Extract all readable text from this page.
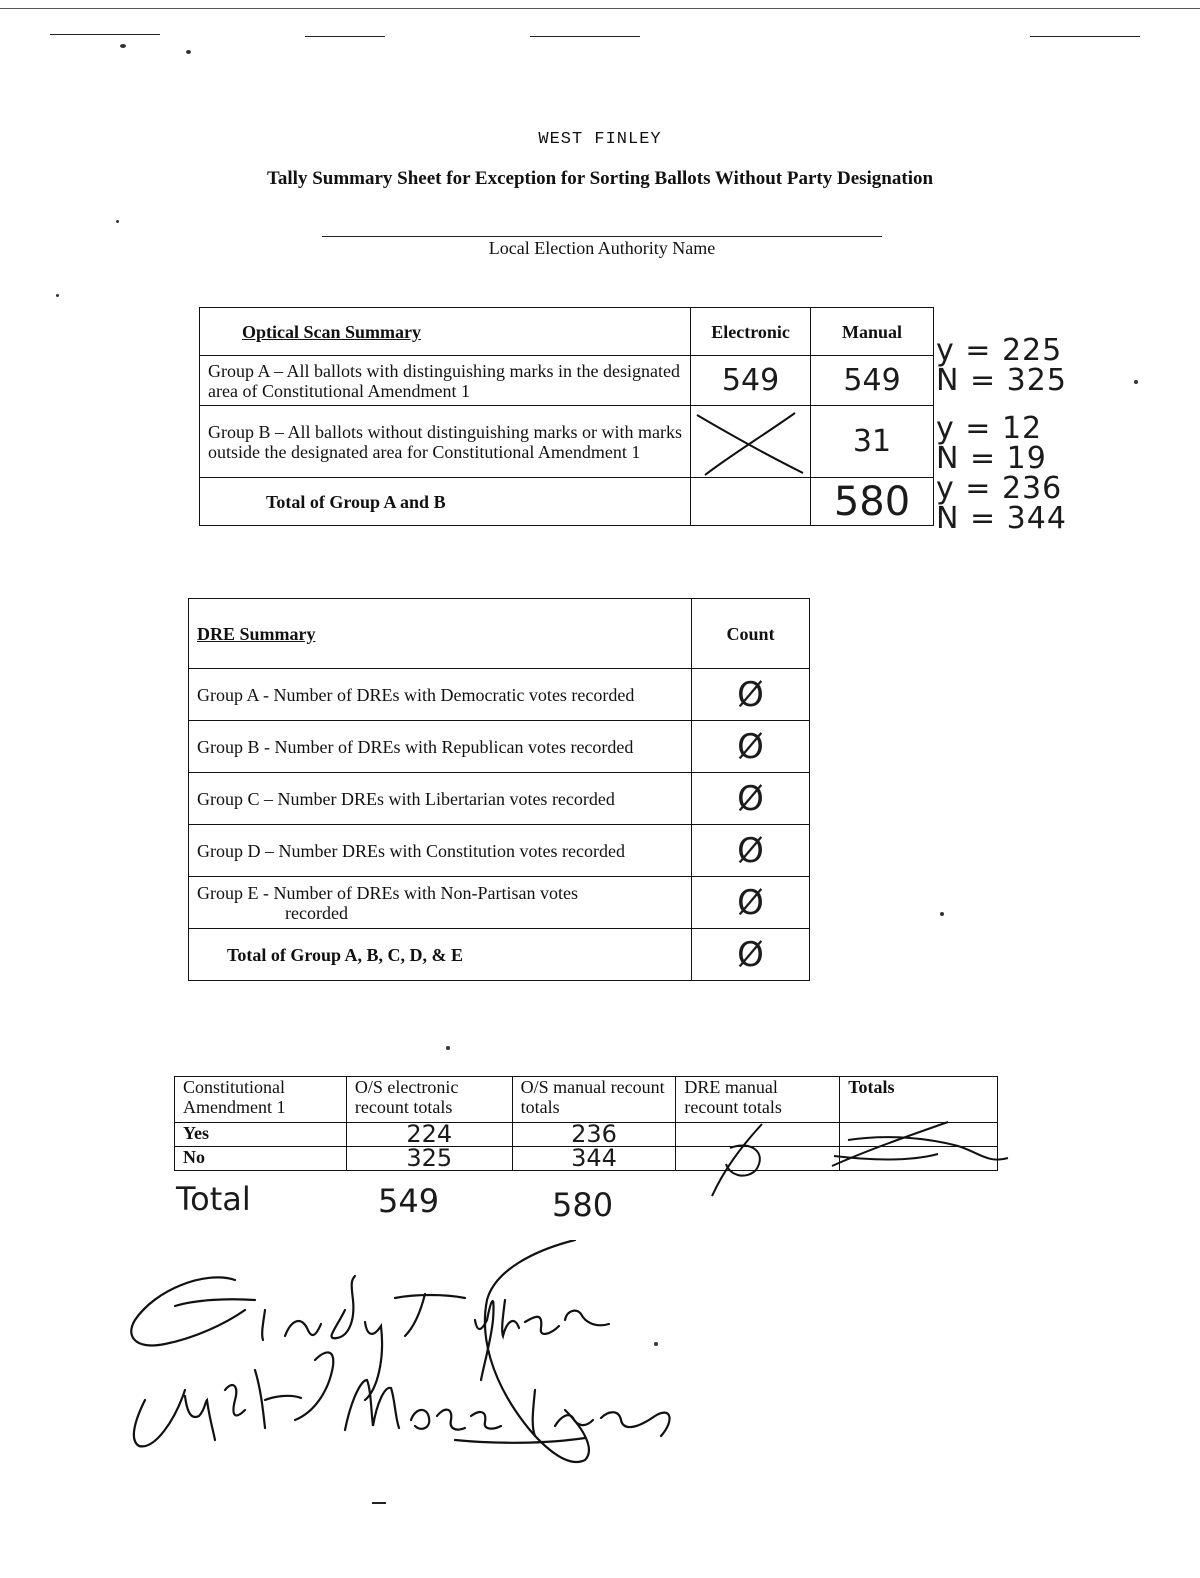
WEST FINLEY
Tally Summary Sheet for Exception for Sorting Ballots Without Party Designation
Local Election Authority Name
Optical Scan Summary	Electronic	Manual
Group A – All ballots with distinguishing marks in the designated area of Constitutional Amendment 1	549	549
Group B – All ballots without distinguishing marks or with marks outside the designated area for Constitutional Amendment 1		31
Total of Group A and B		580
y = 225
N = 325
y = 12
N = 19
y = 236
N = 344
DRE Summary	Count
Group A - Number of DREs with Democratic votes recorded	Ø
Group B - Number of DREs with Republican votes recorded	Ø
Group C – Number DREs with Libertarian votes recorded	Ø
Group D – Number DREs with Constitution votes recorded	Ø
Group E - Number of DREs with Non-Partisan votes
recorded	Ø
Total of Group A, B, C, D, & E	Ø
Constitutional Amendment 1	O/S electronic recount totals	O/S manual recount totals	DRE manual recount totals	Totals
Yes	224	236		
No	325	344		
Total	549	580
